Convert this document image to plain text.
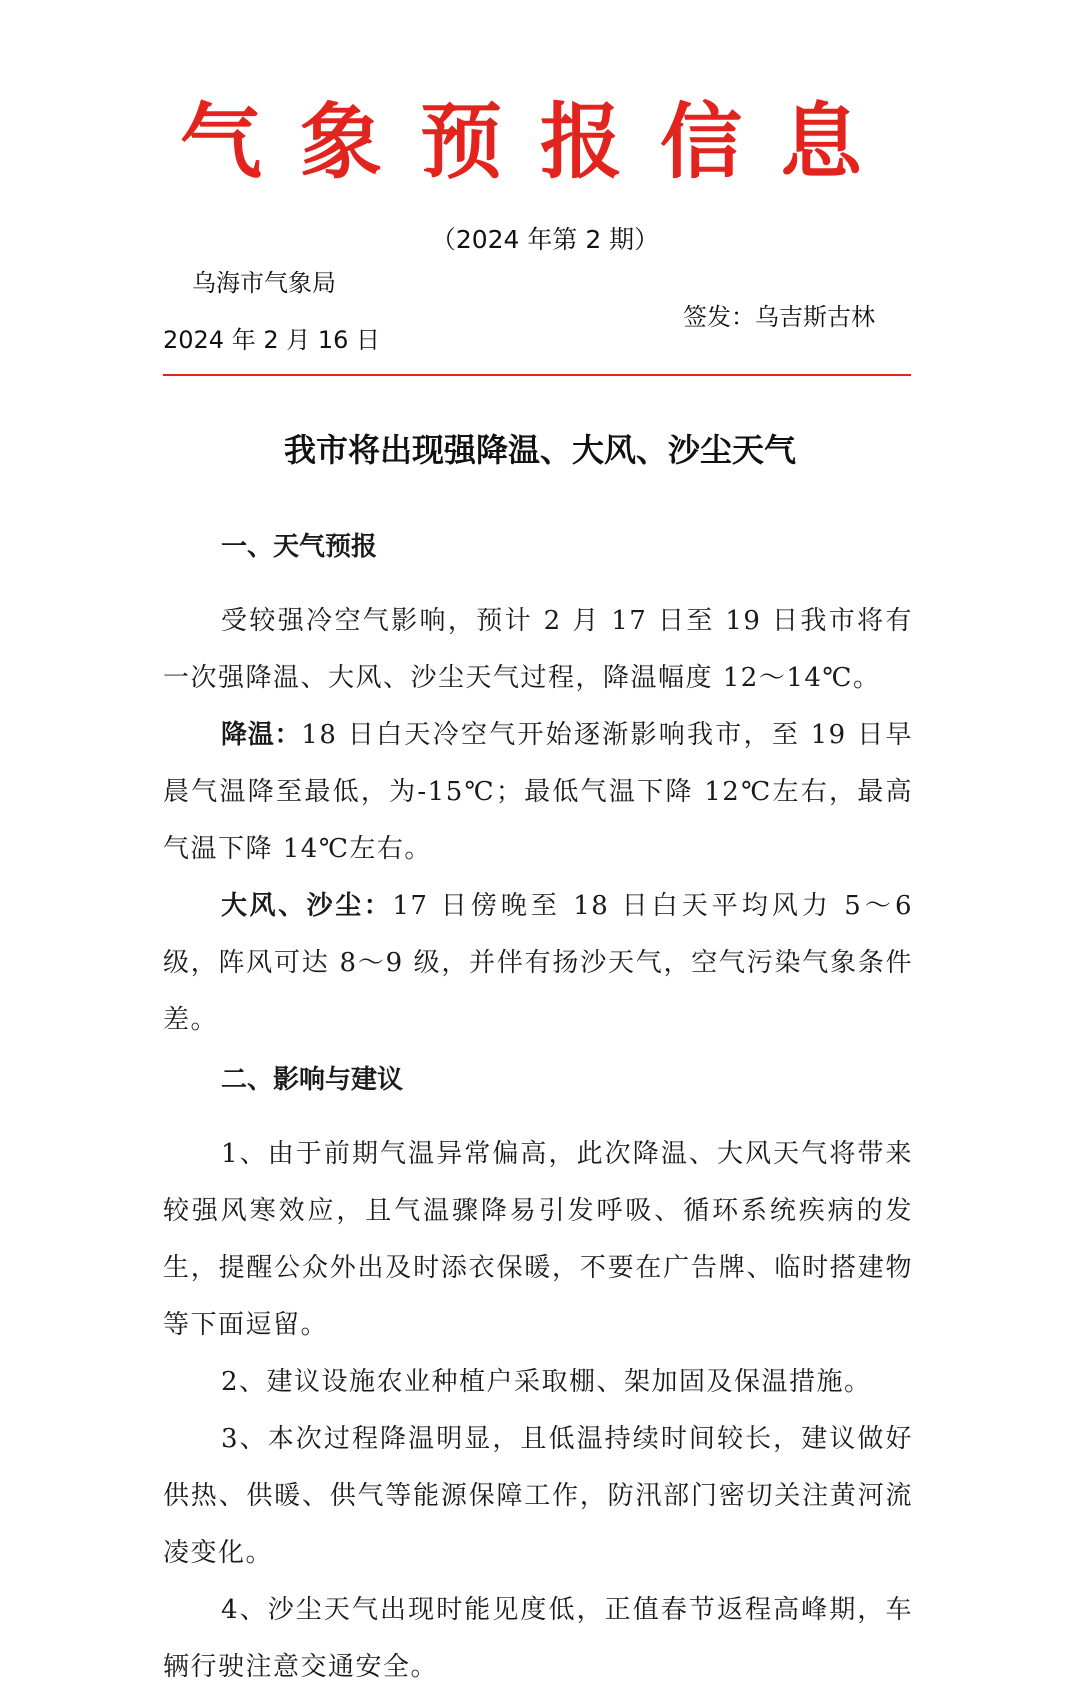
气象预报信息
（2024 年第 2 期）
乌海市气象局
签发：乌吉斯古林
2024 年 2 月 16 日
我市将出现强降温、大风、沙尘天气
一、天气预报

受较强冷空气影响，预计 2 月 17 日至 19 日我市将有一次强降温、大风、沙尘天气过程，降温幅度 12～14℃。

降温：18 日白天冷空气开始逐渐影响我市，至 19 日早晨气温降至最低，为-15℃；最低气温下降 12℃左右，最高气温下降 14℃左右。

大风、沙尘：17 日傍晚至 18 日白天平均风力 5～6 级，阵风可达 8～9 级，并伴有扬沙天气，空气污染气象条件差。

二、影响与建议

1、由于前期气温异常偏高，此次降温、大风天气将带来较强风寒效应，且气温骤降易引发呼吸、循环系统疾病的发生，提醒公众外出及时添衣保暖，不要在广告牌、临时搭建物等下面逗留。

2、建议设施农业种植户采取棚、架加固及保温措施。

3、本次过程降温明显，且低温持续时间较长，建议做好供热、供暖、供气等能源保障工作，防汛部门密切关注黄河流凌变化。

4、沙尘天气出现时能见度低，正值春节返程高峰期，车辆行驶注意交通安全。
